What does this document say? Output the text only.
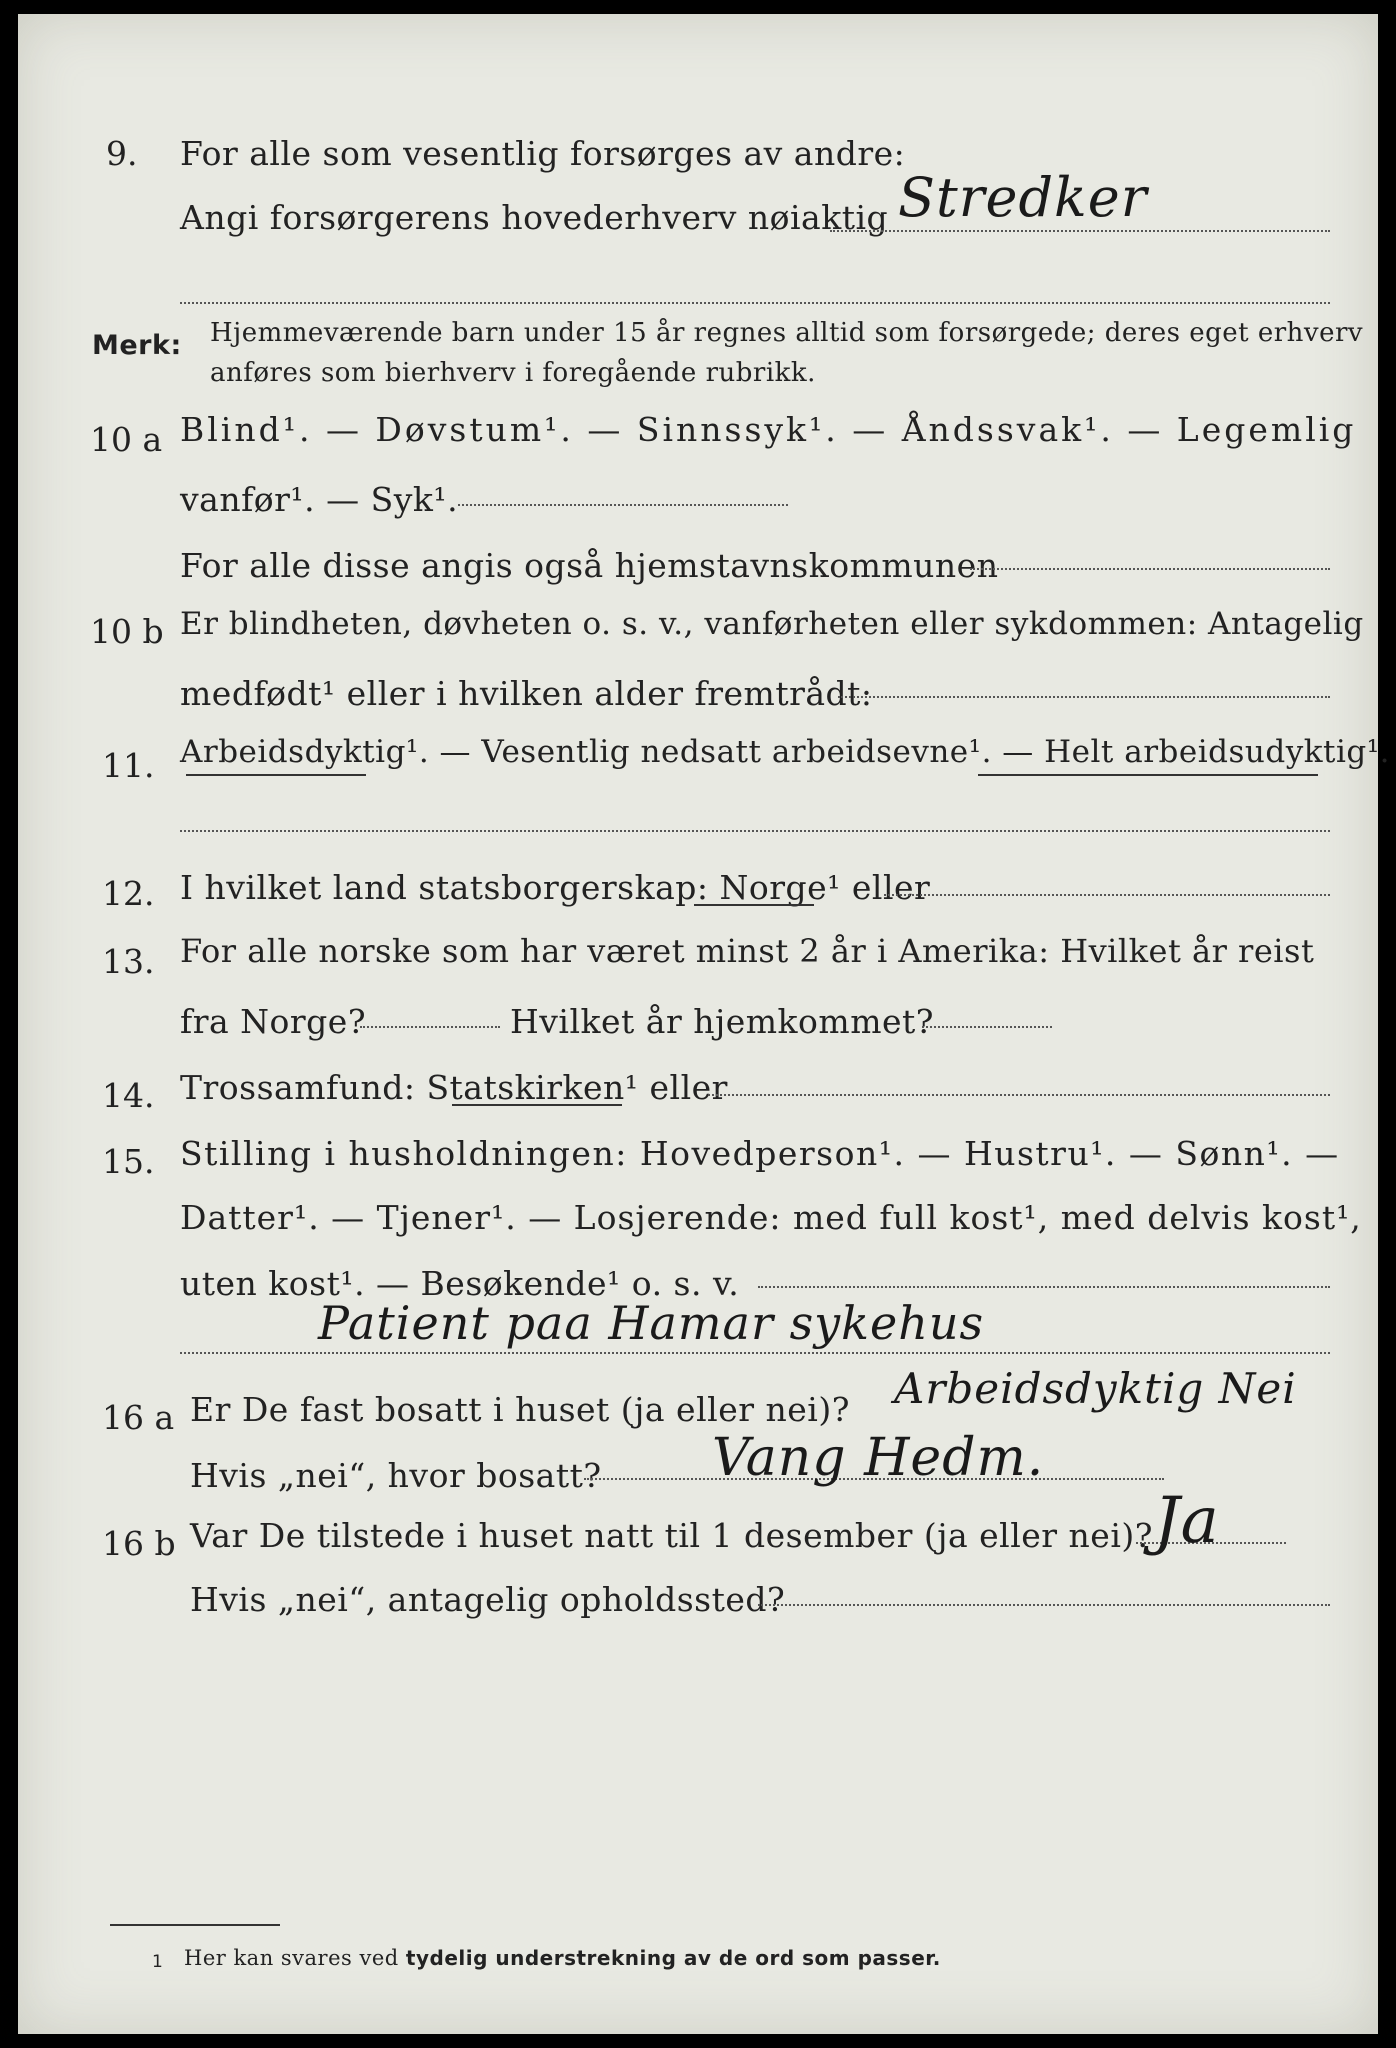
9. For alle som vesentlig forsørges av andre:
Angi forsørgerens hovederhverv nøiaktig Stredker
Merk: Hjemmeværende barn under 15 år regnes alltid som forsørgede; deres eget erhverv
anføres som bierhverv i foregående rubrikk.
10 a Blind¹. — Døvstum¹. — Sinnssyk¹. — Åndssvak¹. — Legemlig
vanfør¹. — Syk¹.
For alle disse angis også hjemstavnskommunen
10 b Er blindheten, døvheten o. s. v., vanførheten eller sykdommen: Antagelig
medfødt¹ eller i hvilken alder fremtrådt:
11. Arbeidsdyktig¹. — Vesentlig nedsatt arbeidsevne¹. — Helt arbeidsudyktig¹.
12. I hvilket land statsborgerskap: Norge¹ eller
13. For alle norske som har været minst 2 år i Amerika: Hvilket år reist
fra Norge?	Hvilket år hjemkommet?
14. Trossamfund: Statskirken¹ eller
15. Stilling i husholdningen: Hovedperson¹. — Hustru¹. — Sønn¹. —
Datter¹. — Tjener¹. — Losjerende: med full kost¹, med delvis kost¹,
uten kost¹. — Besøkende¹ o. s. v.
Patient paa Hamar sykehus
16 a Er De fast bosatt i huset (ja eller nei)? Arbeidsdyktig Nei
Hvis „nei“, hvor bosatt? Vang Hedm.
16 b Var De tilstede i huset natt til 1 desember (ja eller nei)? Ja
Hvis „nei“, antagelig opholdssted?
1 Her kan svares ved tydelig understrekning av de ord som passer.
